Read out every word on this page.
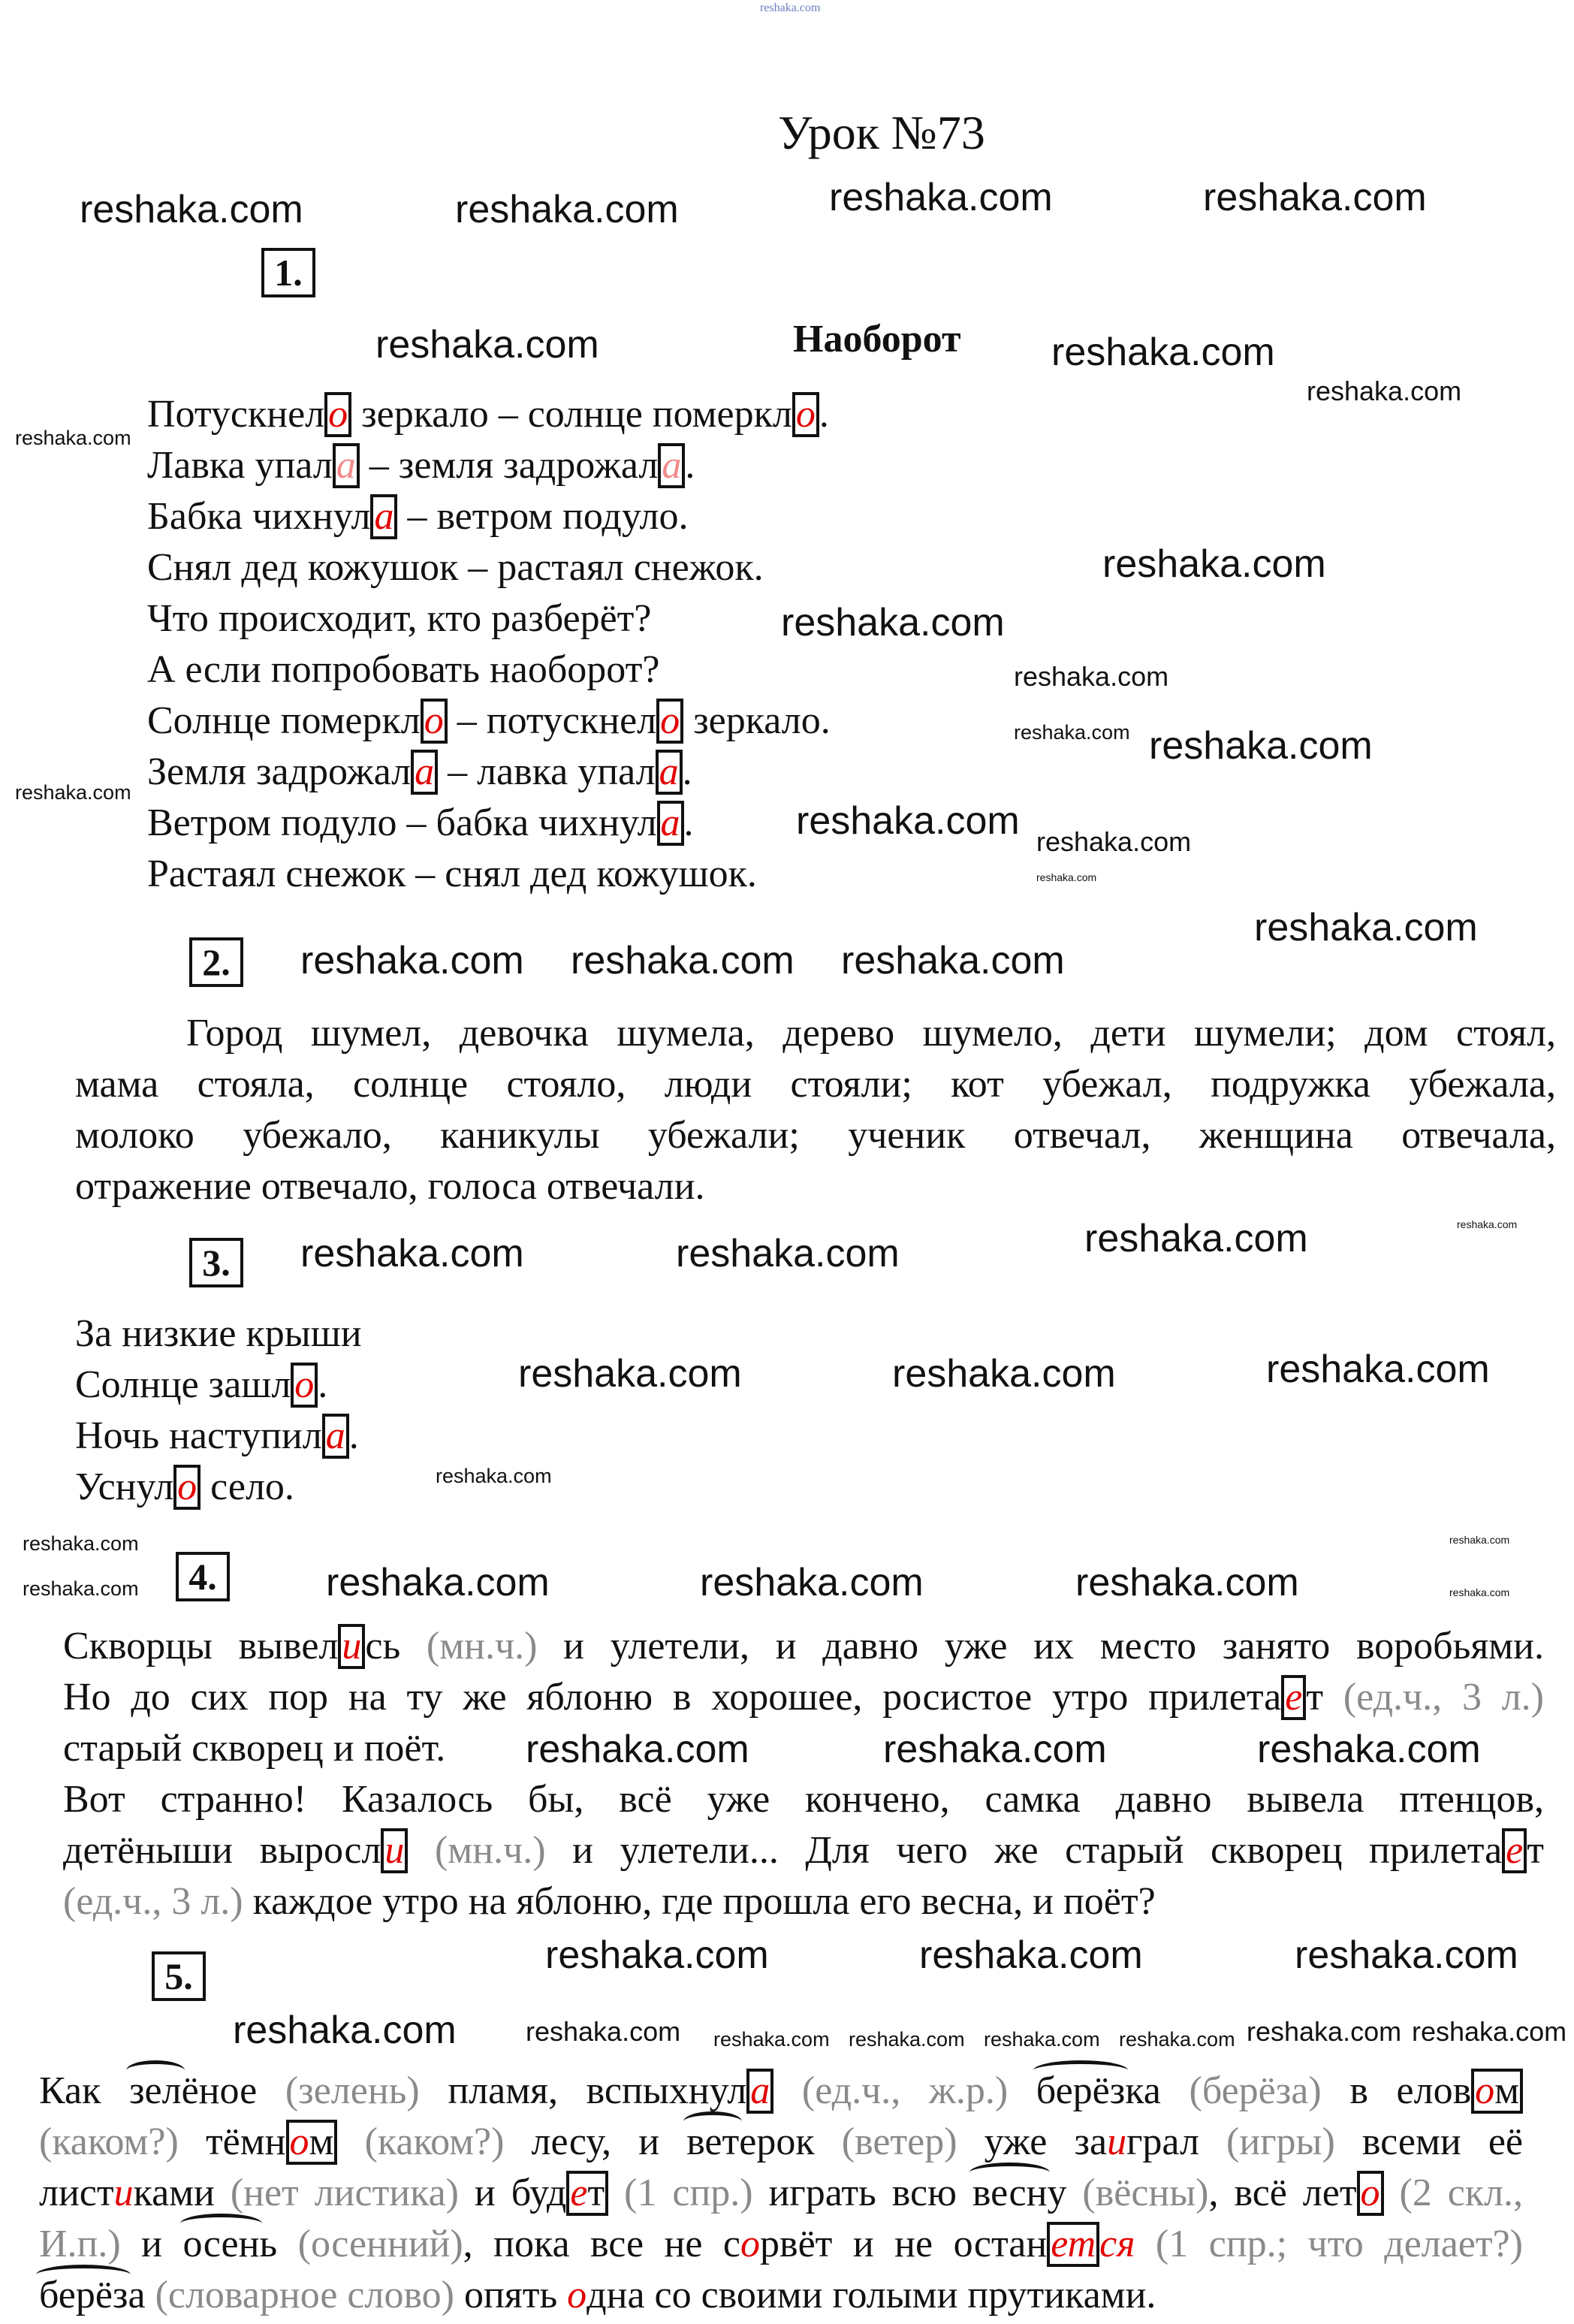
reshaka.com
Урок №73
1.
Наоборот
Потускнело зеркало – солнце померкло.
Лавка упала – земля задрожала.
Бабка чихнула – ветром подуло.
Снял дед кожушок – растаял снежок.
Что происходит, кто разберёт?
А если попробовать наоборот?
Солнце померкло – потускнело зеркало.
Земля задрожала – лавка упала.
Ветром подуло – бабка чихнула.
Растаял снежок – снял дед кожушок.
2.
Город шумел, девочка шумела, дерево шумело, дети шумели; дом стоял,
мама стояла, солнце стояло, люди стояли; кот убежал, подружка убежала,
молоко убежало, каникулы убежали; ученик отвечал, женщина отвечала,
отражение отвечало, голоса отвечали.
3.
За низкие крыши
Солнце зашло.
Ночь наступила.
Уснуло село.
4.
Скворцы вывелись (мн.ч.) и улетели, и давно уже их место занято воробьями.
Но до сих пор на ту же яблоню в хорошее, росистое утро прилетает (ед.ч., 3 л.)
старый скворец и поёт.
Вот странно! Казалось бы, всё уже кончено, самка давно вывела птенцов,
детёныши выросли (мн.ч.) и улетели... Для чего же старый скворец прилетает
(ед.ч., 3 л.) каждое утро на яблоню, где прошла его весна, и поёт?
5.
Как зелёное (зелень) пламя, вспыхнула (ед.ч., ж.р.) берёзка (берёза) в еловом
(каком?) тёмном (каком?) лесу, и ветерок (ветер) уже заиграл (игры) всеми её
листиками (нет листика) и будет (1 спр.) играть всю весну (вёсны), всё лето (2 скл.,
И.п.) и осень (осенний), пока все не сорвёт и не останется (1 спр.; что делает?)
берёза (словарное слово) опять одна со своими голыми прутиками.
reshaka.com	reshaka.com	reshaka.com	reshaka.com
reshaka.com	reshaka.com
reshaka.com
reshaka.com
reshaka.com
reshaka.com
reshaka.com
reshaka.com reshaka.com
reshaka.com
reshaka.com
reshaka.com
reshaka.com
reshaka.com
reshaka.com reshaka.com reshaka.com
reshaka.com
reshaka.com
reshaka.com	reshaka.com
reshaka.com
reshaka.com
reshaka.com	reshaka.com
reshaka.com	reshaka.com
reshaka.com
reshaka.com	reshaka.com	reshaka.com
reshaka.com
reshaka.com	reshaka.com	reshaka.com
reshaka.com
reshaka.com	reshaka.com	reshaka.com
reshaka.com	reshaka.com	reshaka.com
reshaka.com reshaka.com	reshaka.com
reshaka.com
